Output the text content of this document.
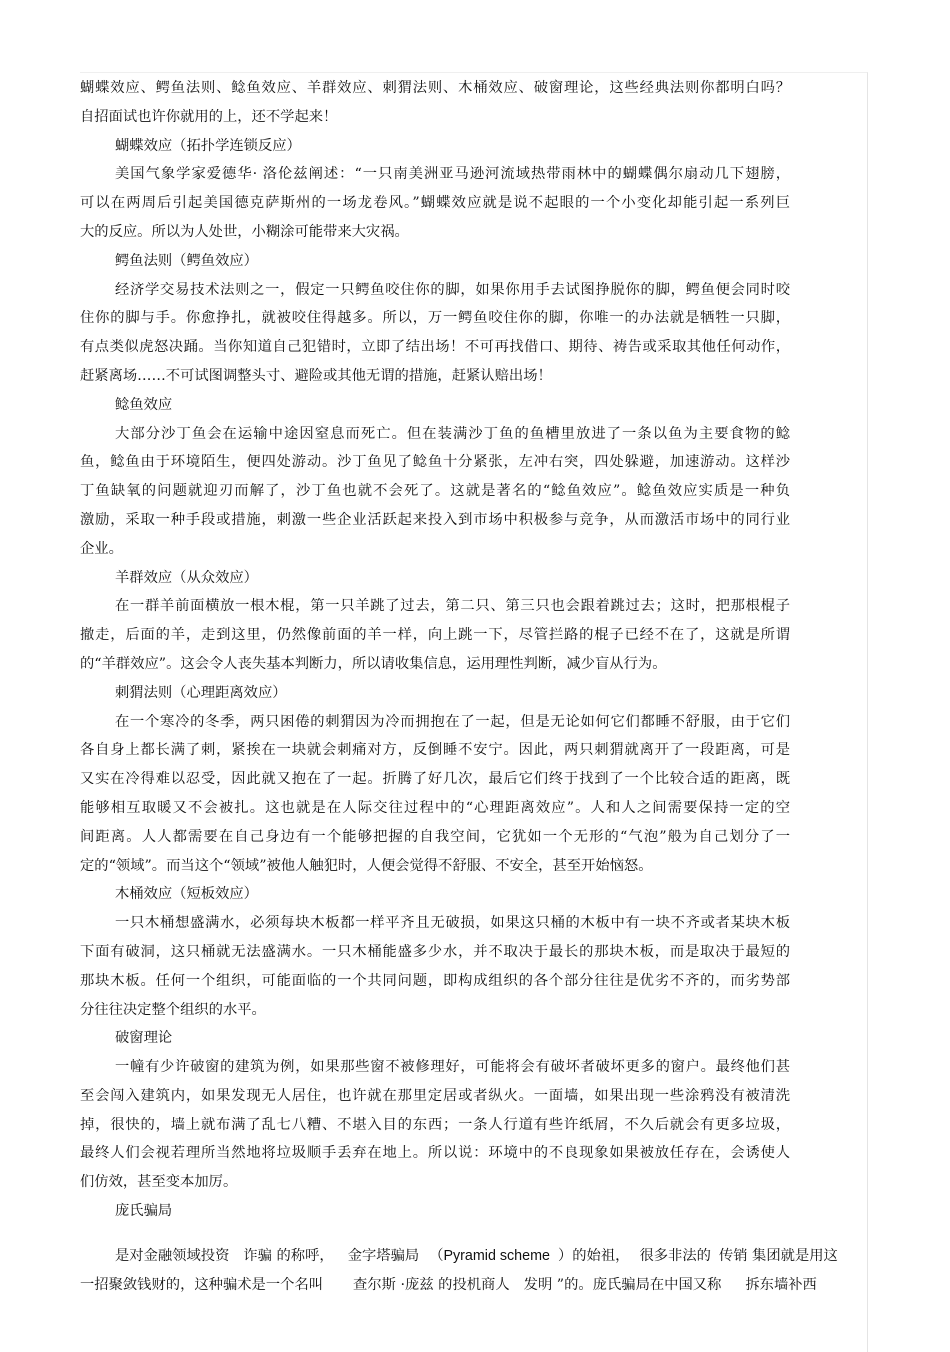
蝴蝶效应、鳄鱼法则、鲶鱼效应、羊群效应、刺猬法则、木桶效应、破窗理论，这些经典法则你都明白吗？
自招面试也许你就用的上，还不学起来！
蝴蝶效应（拓扑学连锁反应）
美国气象学家爱德华· 洛伦兹阐述：“一只南美洲亚马逊河流域热带雨林中的蝴蝶偶尔扇动几下翅膀，
可以在两周后引起美国德克萨斯州的一场龙卷风。”蝴蝶效应就是说不起眼的一个小变化却能引起一系列巨
大的反应。所以为人处世，小糊涂可能带来大灾祸。
鳄鱼法则（鳄鱼效应）
经济学交易技术法则之一，假定一只鳄鱼咬住你的脚，如果你用手去试图挣脱你的脚，鳄鱼便会同时咬
住你的脚与手。你愈挣扎，就被咬住得越多。所以，万一鳄鱼咬住你的脚，你唯一的办法就是牺牲一只脚，
有点类似虎怒决踊。当你知道自己犯错时，立即了结出场！不可再找借口、期待、祷告或采取其他任何动作，
赶紧离场……不可试图调整头寸、避险或其他无谓的措施，赶紧认赔出场！
鲶鱼效应
大部分沙丁鱼会在运输中途因窒息而死亡。但在装满沙丁鱼的鱼槽里放进了一条以鱼为主要食物的鲶
鱼，鲶鱼由于环境陌生，便四处游动。沙丁鱼见了鲶鱼十分紧张，左冲右突，四处躲避，加速游动。这样沙
丁鱼缺氧的问题就迎刃而解了，沙丁鱼也就不会死了。这就是著名的“鲶鱼效应”。鲶鱼效应实质是一种负
激励，采取一种手段或措施，刺激一些企业活跃起来投入到市场中积极参与竞争，从而激活市场中的同行业
企业。
羊群效应（从众效应）
在一群羊前面横放一根木棍，第一只羊跳了过去，第二只、第三只也会跟着跳过去；这时，把那根棍子
撤走，后面的羊，走到这里，仍然像前面的羊一样，向上跳一下，尽管拦路的棍子已经不在了，这就是所谓
的“羊群效应”。这会令人丧失基本判断力，所以请收集信息，运用理性判断，减少盲从行为。
刺猬法则（心理距离效应）
在一个寒冷的冬季，两只困倦的刺猬因为冷而拥抱在了一起，但是无论如何它们都睡不舒服，由于它们
各自身上都长满了刺，紧挨在一块就会刺痛对方，反倒睡不安宁。因此，两只刺猬就离开了一段距离，可是
又实在冷得难以忍受，因此就又抱在了一起。折腾了好几次，最后它们终于找到了一个比较合适的距离，既
能够相互取暖又不会被扎。这也就是在人际交往过程中的“心理距离效应”。人和人之间需要保持一定的空
间距离。人人都需要在自己身边有一个能够把握的自我空间，它犹如一个无形的“气泡”般为自己划分了一
定的“领域”。而当这个“领域”被他人触犯时，人便会觉得不舒服、不安全，甚至开始恼怒。
木桶效应（短板效应）
一只木桶想盛满水，必须每块木板都一样平齐且无破损，如果这只桶的木板中有一块不齐或者某块木板
下面有破洞，这只桶就无法盛满水。一只木桶能盛多少水，并不取决于最长的那块木板，而是取决于最短的
那块木板。任何一个组织，可能面临的一个共同问题，即构成组织的各个部分往往是优劣不齐的，而劣势部
分往往决定整个组织的水平。
破窗理论
一幢有少许破窗的建筑为例，如果那些窗不被修理好，可能将会有破坏者破坏更多的窗户。最终他们甚
至会闯入建筑内，如果发现无人居住，也许就在那里定居或者纵火。一面墙，如果出现一些涂鸦没有被清洗
掉，很快的，墙上就布满了乱七八糟、不堪入目的东西；一条人行道有些许纸屑，不久后就会有更多垃圾，
最终人们会视若理所当然地将垃圾顺手丢弃在地上。所以说：环境中的不良现象如果被放任存在，会诱使人
们仿效，甚至变本加厉。
庞氏骗局
是对金融领域投资 诈骗 的称呼， 金字塔骗局 （Pyramid scheme ）的始祖， 很多非法的 传销 集团就是用这
一招聚敛钱财的，这种骗术是一个名叫 查尔斯 ·庞兹 的投机商人 发明 ”的。庞氏骗局在中国又称 拆东墙补西
